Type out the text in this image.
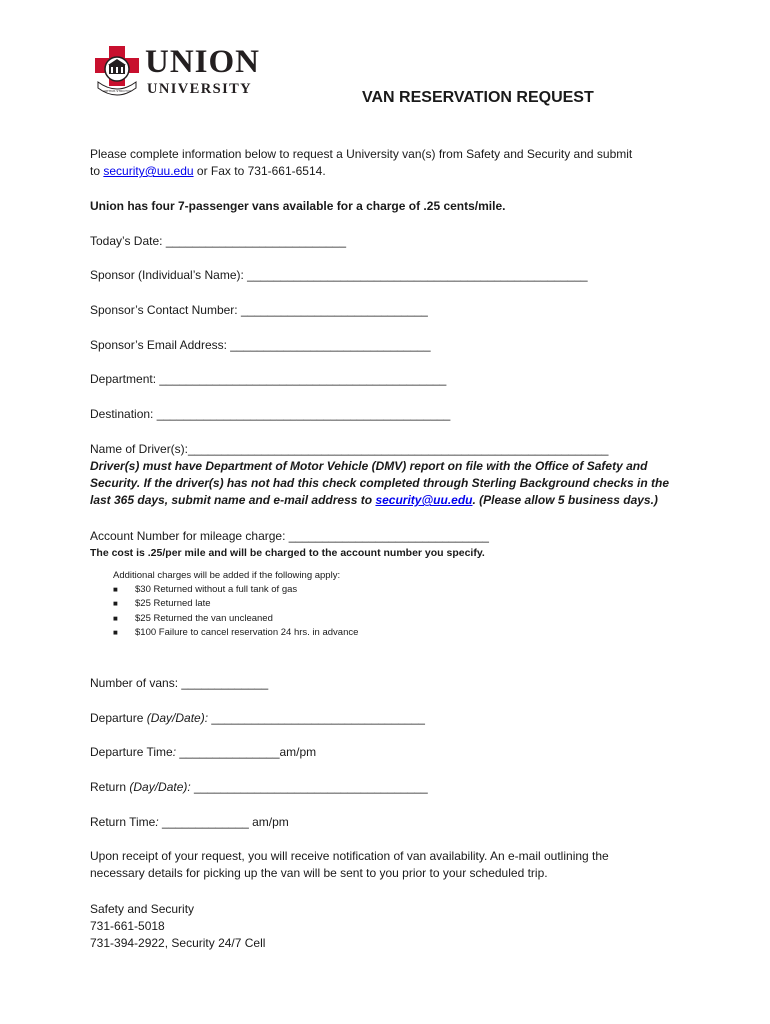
ARTHUR STRICTIVI
UNION
UNIVERSITY	VAN RESERVATION REQUEST
Please complete information below to request a University van(s) from Safety and Security and submit
to security@uu.edu or Fax to 731-661-6514.
Union has four 7-passenger vans available for a charge of .25 cents/mile.
Today’s Date: ___________________________
Sponsor (Individual’s Name): ___________________________________________________
Sponsor’s Contact Number: ____________________________
Sponsor’s Email Address: ______________________________
Department: ___________________________________________
Destination: ____________________________________________
Name of Driver(s):_______________________________________________________________
Driver(s) must have Department of Motor Vehicle (DMV) report on file with the Office of Safety and
Security. If the driver(s) has not had this check completed through Sterling Background checks in the
last 365 days, submit name and e-mail address to security@uu.edu. (Please allow 5 business days.)
Account Number for mileage charge: ______________________________
The cost is .25/per mile and will be charged to the account number you specify.
Additional charges will be added if the following apply:
■ $30 Returned without a full tank of gas
■ $25 Returned late
■ $25 Returned the van uncleaned
■ $100 Failure to cancel reservation 24 hrs. in advance
Number of vans: _____________
Departure (Day/Date): ________________________________
Departure Time: _______________am/pm
Return (Day/Date): ___________________________________
Return Time: _____________ am/pm
Upon receipt of your request, you will receive notification of van availability. An e-mail outlining the
necessary details for picking up the van will be sent to you prior to your scheduled trip.
Safety and Security
731-661-5018
731-394-2922, Security 24/7 Cell
